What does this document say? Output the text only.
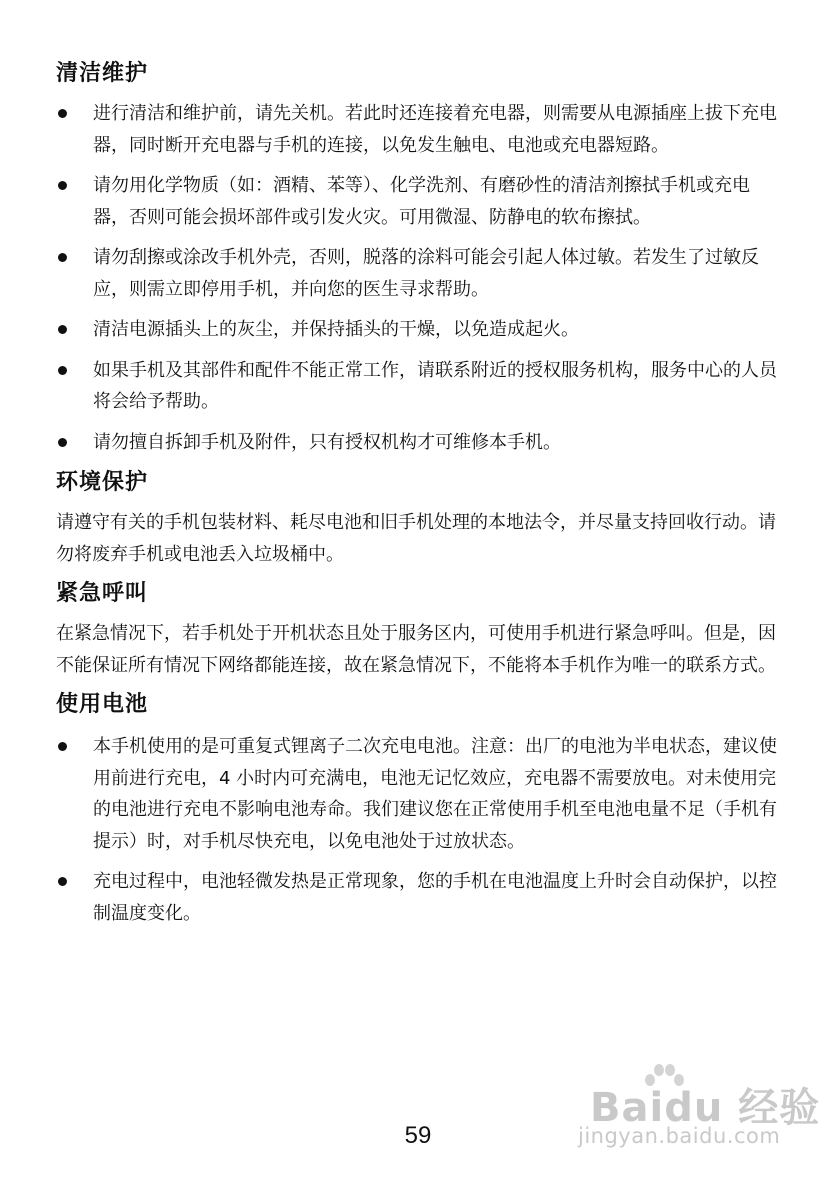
清洁维护
进行清洁和维护前，请先关机。若此时还连接着充电器，则需要从电源插座上拔下充电器，同时断开充电器与手机的连接，以免发生触电、电池或充电器短路。
请勿用化学物质（如：酒精、苯等）、化学洗剂、有磨砂性的清洁剂擦拭手机或充电器，否则可能会损坏部件或引发火灾。可用微湿、防静电的软布擦拭。
请勿刮擦或涂改手机外壳，否则，脱落的涂料可能会引起人体过敏。若发生了过敏反应，则需立即停用手机，并向您的医生寻求帮助。
清洁电源插头上的灰尘，并保持插头的干燥，以免造成起火。
如果手机及其部件和配件不能正常工作，请联系附近的授权服务机构，服务中心的人员将会给予帮助。
请勿擅自拆卸手机及附件，只有授权机构才可维修本手机。
环境保护

请遵守有关的手机包装材料、耗尽电池和旧手机处理的本地法令，并尽量支持回收行动。请勿将废弃手机或电池丢入垃圾桶中。

紧急呼叫

在紧急情况下，若手机处于开机状态且处于服务区内，可使用手机进行紧急呼叫。但是，因不能保证所有情况下网络都能连接，故在紧急情况下，不能将本手机作为唯一的联系方式。

使用电池
本手机使用的是可重复式锂离子二次充电电池。注意：出厂的电池为半电状态，建议使用前进行充电，4 小时内可充满电，电池无记忆效应，充电器不需要放电。对未使用完的电池进行充电不影响电池寿命。我们建议您在正常使用手机至电池电量不足（手机有提示）时，对手机尽快充电，以免电池处于过放状态。
充电过程中，电池轻微发热是正常现象，您的手机在电池温度上升时会自动保护，以控制温度变化。
Baidu 经验
jingyan.baidu.com
59
